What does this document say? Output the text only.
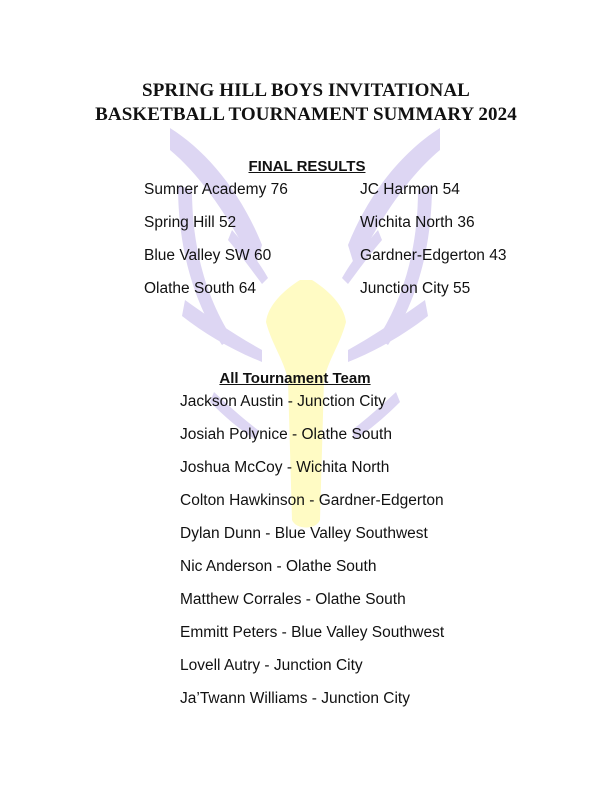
SPRING HILL BOYS INVITATIONAL
BASKETBALL TOURNAMENT SUMMARY 2024
FINAL RESULTS
Sumner Academy 76	JC Harmon 54
Spring Hill 52	Wichita North 36
Blue Valley SW 60	Gardner-Edgerton 43
Olathe South 64	Junction City 55
All Tournament Team
Jackson Austin - Junction City
Josiah Polynice - Olathe South
Joshua McCoy - Wichita North
Colton Hawkinson - Gardner-Edgerton
Dylan Dunn - Blue Valley Southwest
Nic Anderson - Olathe South
Matthew Corrales - Olathe South
Emmitt Peters - Blue Valley Southwest
Lovell Autry - Junction City
Ja’Twann Williams - Junction City
